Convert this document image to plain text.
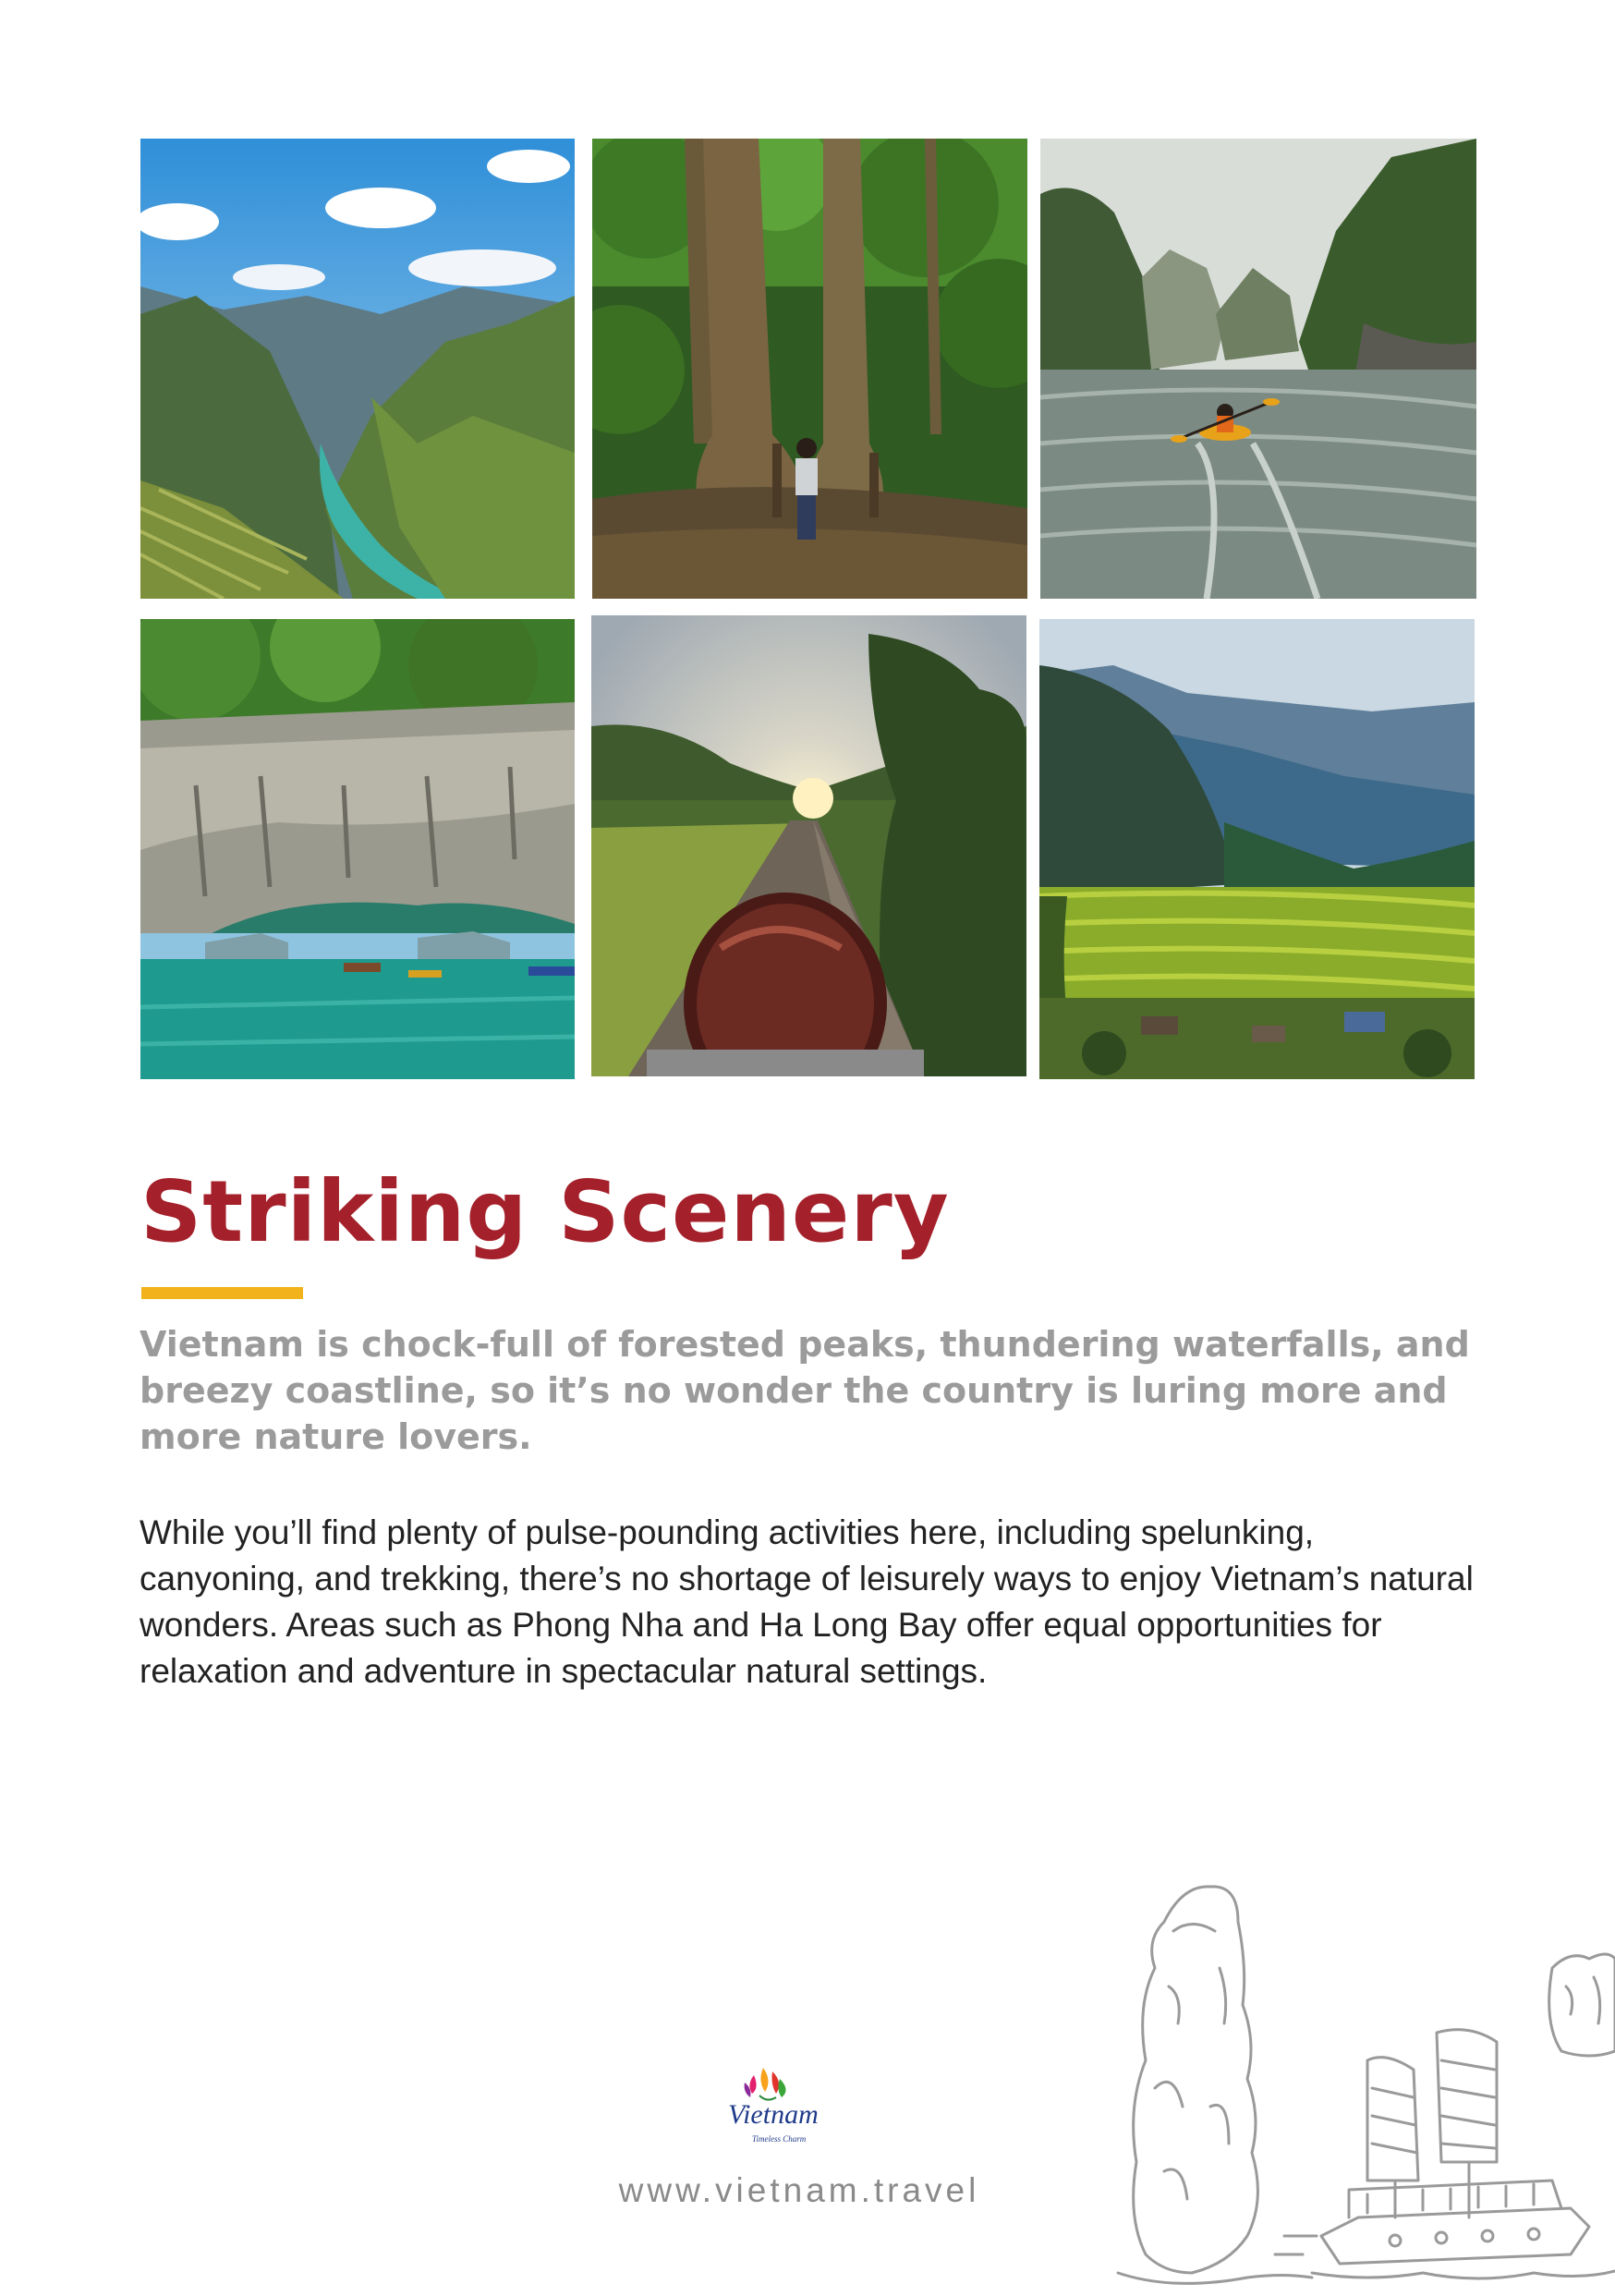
Striking Scenery

Vietnam is chock-full of forested peaks, thundering waterfalls, and breezy coastline, so it’s no wonder the country is luring more and more nature lovers.

While you’ll find plenty of pulse-pounding activities here, including spelunking, canyoning, and trekking, there’s no shortage of leisurely ways to enjoy Vietnam’s natural wonders. Areas such as Phong Nha and Ha Long Bay offer equal opportunities for relaxation and adventure in spectacular natural settings.

Vietnam
Timeless Charm
www.vietnam.travel
